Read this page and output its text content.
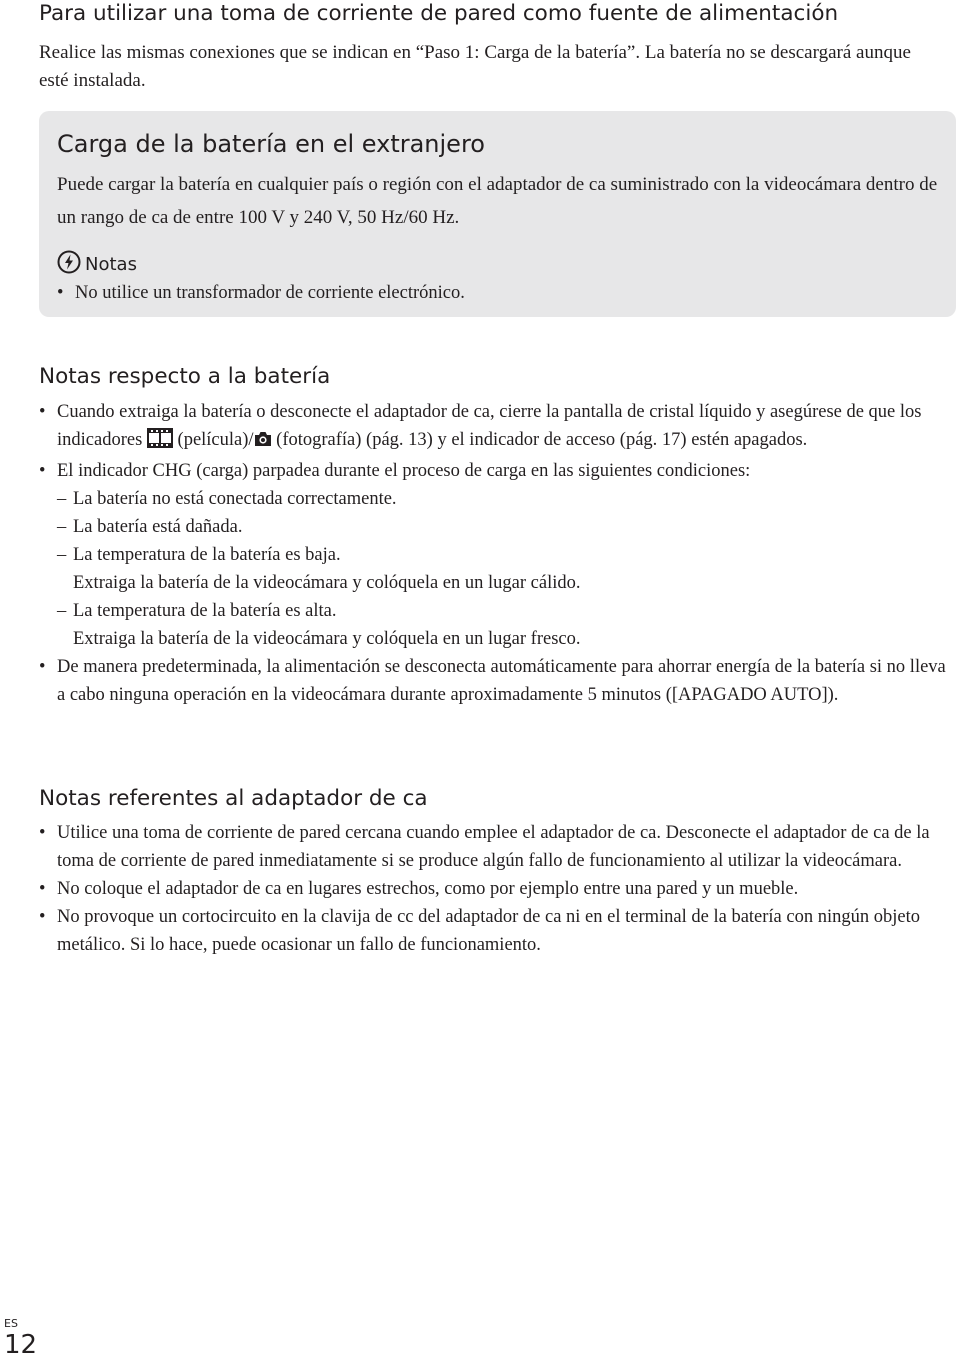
Para utilizar una toma de corriente de pared como fuente de alimentación

Realice las mismas conexiones que se indican en “Paso 1: Carga de la batería”. La batería no se descargará aunque esté instalada.

Carga de la batería en el extranjero

Puede cargar la batería en cualquier país o región con el adaptador de ca suministrado con la videocámara dentro de un rango de ca de entre 100 V y 240 V, 50 Hz/60 Hz.

Notas
• No utilice un transformador de corriente electrónico.
Notas respecto a la batería
• Cuando extraiga la batería o desconecte el adaptador de ca, cierre la pantalla de cristal líquido y asegúrese de que los indicadores  (película)/ (fotografía) (pág. 13) y el indicador de acceso (pág. 17) estén apagados.
• El indicador CHG (carga) parpadea durante el proceso de carga en las siguientes condiciones:
– La batería no está conectada correctamente.
– La batería está dañada.
– La temperatura de la batería es baja.
Extraiga la batería de la videocámara y colóquela en un lugar cálido.
– La temperatura de la batería es alta.
Extraiga la batería de la videocámara y colóquela en un lugar fresco.
• De manera predeterminada, la alimentación se desconecta automáticamente para ahorrar energía de la batería si no lleva a cabo ninguna operación en la videocámara durante aproximadamente 5 minutos ([APAGADO AUTO]).
Notas referentes al adaptador de ca
• Utilice una toma de corriente de pared cercana cuando emplee el adaptador de ca. Desconecte el adaptador de ca de la toma de corriente de pared inmediatamente si se produce algún fallo de funcionamiento al utilizar la videocámara.
• No coloque el adaptador de ca en lugares estrechos, como por ejemplo entre una pared y un mueble.
• No provoque un cortocircuito en la clavija de cc del adaptador de ca ni en el terminal de la batería con ningún objeto metálico. Si lo hace, puede ocasionar un fallo de funcionamiento.
ES
12
